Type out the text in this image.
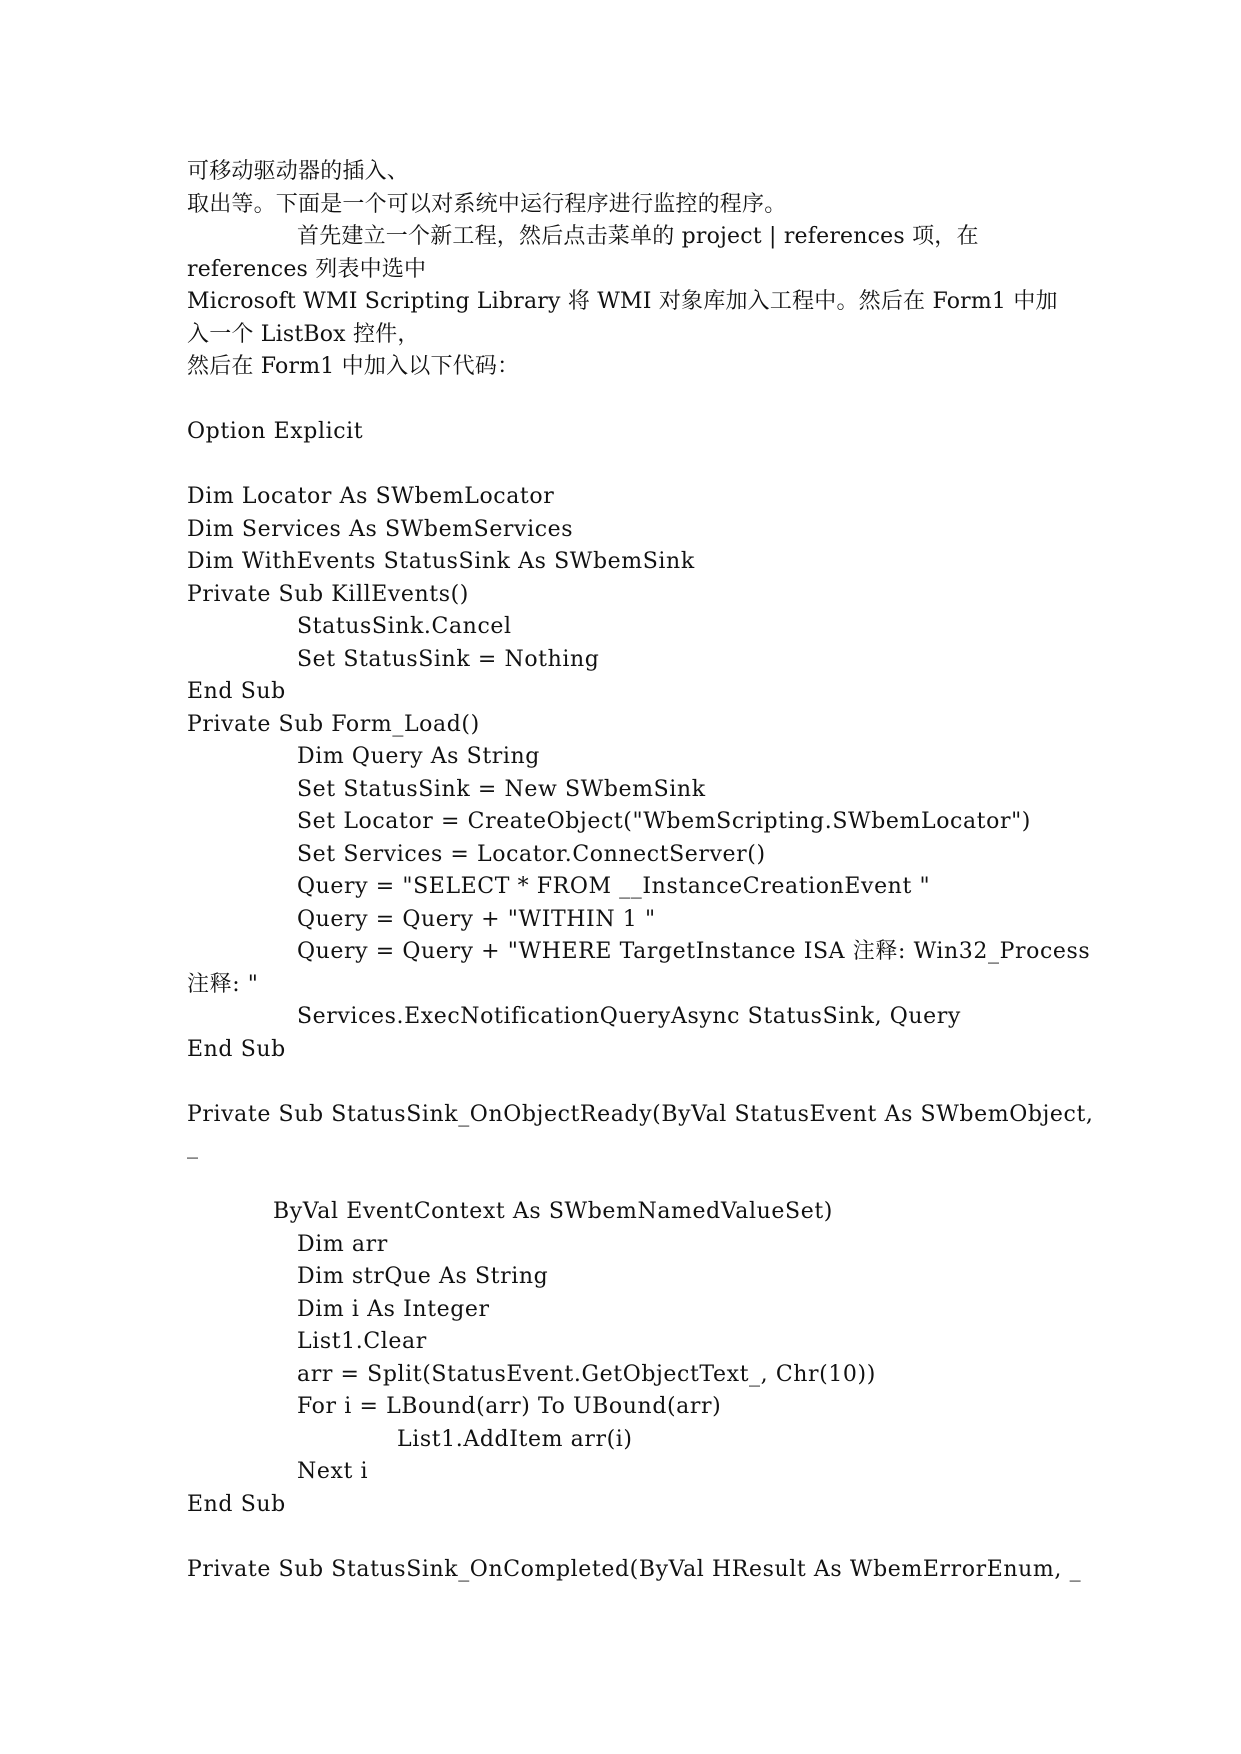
可移动驱动器的插入、
取出等。下面是一个可以对系统中运行程序进行监控的程序。
首先建立一个新工程，然后点击菜单的 project | references 项，在
references 列表中选中
Microsoft WMI Scripting Library 将 WMI 对象库加入工程中。然后在 Form1 中加
入一个 ListBox 控件，
然后在 Form1 中加入以下代码：
Option Explicit
Dim Locator As SWbemLocator
Dim Services As SWbemServices
Dim WithEvents StatusSink As SWbemSink
Private Sub KillEvents()
StatusSink.Cancel
Set StatusSink = Nothing
End Sub
Private Sub Form_Load()
Dim Query As String
Set StatusSink = New SWbemSink
Set Locator = CreateObject("WbemScripting.SWbemLocator")
Set Services = Locator.ConnectServer()
Query = "SELECT * FROM __InstanceCreationEvent "
Query = Query + "WITHIN 1 "
Query = Query + "WHERE TargetInstance ISA 注释: Win32_Process
注释: "
Services.ExecNotificationQueryAsync StatusSink, Query
End Sub
Private Sub StatusSink_OnObjectReady(ByVal StatusEvent As SWbemObject,
_
ByVal EventContext As SWbemNamedValueSet)
Dim arr
Dim strQue As String
Dim i As Integer
List1.Clear
arr = Split(StatusEvent.GetObjectText_, Chr(10))
For i = LBound(arr) To UBound(arr)
List1.AddItem arr(i)
Next i
End Sub
Private Sub StatusSink_OnCompleted(ByVal HResult As WbemErrorEnum, _
